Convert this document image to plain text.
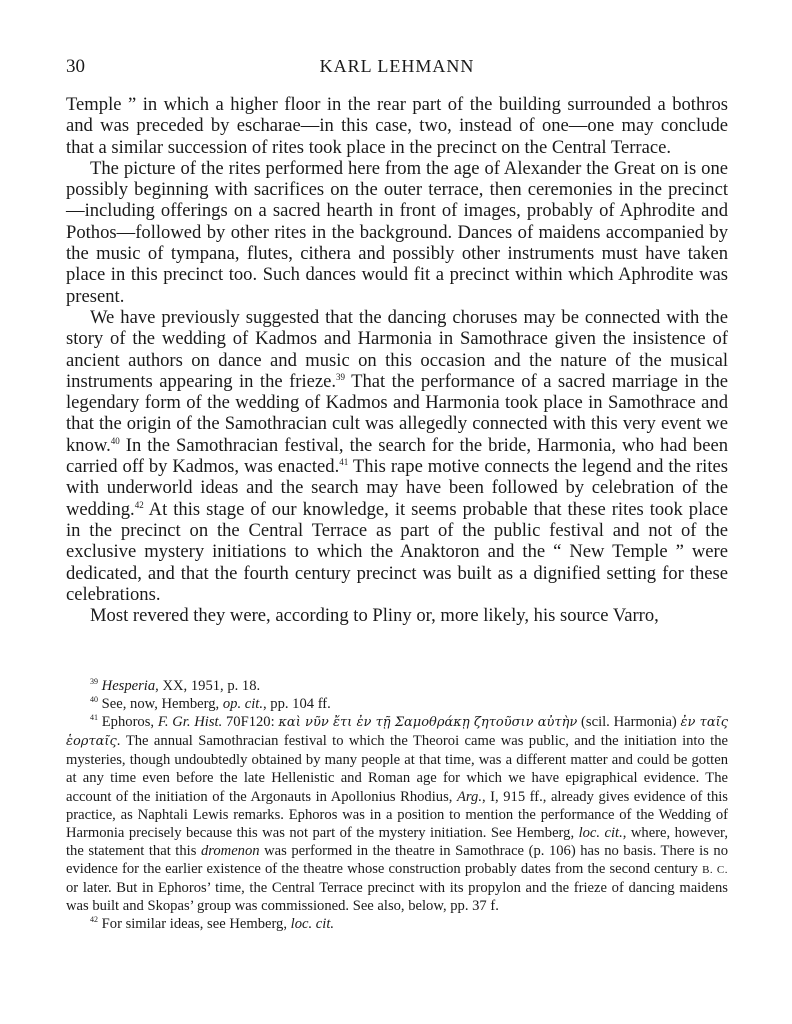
30	KARL LEHMANN

Temple ” in which a higher floor in the rear part of the building surrounded a bothros and was preceded by escharae—in this case, two, instead of one—one may conclude that a similar succession of rites took place in the precinct on the Central Terrace.

The picture of the rites performed here from the age of Alexander the Great on is one possibly beginning with sacrifices on the outer terrace, then ceremonies in the precinct—including offerings on a sacred hearth in front of images, probably of Aphrodite and Pothos—followed by other rites in the background. Dances of maidens accompanied by the music of tympana, flutes, cithera and possibly other instruments must have taken place in this precinct too. Such dances would fit a precinct within which Aphrodite was present.

We have previously suggested that the dancing choruses may be connected with the story of the wedding of Kadmos and Harmonia in Samothrace given the insistence of ancient authors on dance and music on this occasion and the nature of the musical instruments appearing in the frieze.$^{39}$ That the performance of a sacred marriage in the legendary form of the wedding of Kadmos and Harmonia took place in Samothrace and that the origin of the Samothracian cult was allegedly connected with this very event we know.$^{40}$ In the Samothracian festival, the search for the bride, Harmonia, who had been carried off by Kadmos, was enacted.$^{41}$ This rape motive connects the legend and the rites with underworld ideas and the search may have been followed by celebration of the wedding.$^{42}$ At this stage of our knowledge, it seems probable that these rites took place in the precinct on the Central Terrace as part of the public festival and not of the exclusive mystery initiations to which the Anaktoron and the “ New Temple ” were dedicated, and that the fourth century precinct was built as a dignified setting for these celebrations.

Most revered they were, according to Pliny or, more likely, his source Varro,

$^{39}$ Hesperia, XX, 1951, p. 18.

$^{40}$ See, now, Hemberg, op. cit., pp. 104 ff.

$^{41}$ Ephoros, F. Gr. Hist. 70F120: καὶ νῦν ἔτι ἐν τῇ Σαμοθράκῃ ζητοῦσιν αὐτὴν (scil. Harmonia) ἐν ταῖς ἑορταῖς. The annual Samothracian festival to which the Theoroi came was public, and the initiation into the mysteries, though undoubtedly obtained by many people at that time, was a different matter and could be gotten at any time even before the late Hellenistic and Roman age for which we have epigraphical evidence. The account of the initiation of the Argonauts in Apollonius Rhodius, Arg., I, 915 ff., already gives evidence of this practice, as Naphtali Lewis remarks. Ephoros was in a position to mention the performance of the Wedding of Harmonia precisely because this was not part of the mystery initiation. See Hemberg, loc. cit., where, however, the statement that this dromenon was performed in the theatre in Samothrace (p. 106) has no basis. There is no evidence for the earlier existence of the theatre whose construction probably dates from the second century B. C. or later. But in Ephoros’ time, the Central Terrace precinct with its propylon and the frieze of dancing maidens was built and Skopas’ group was commissioned. See also, below, pp. 37 f.

$^{42}$ For similar ideas, see Hemberg, loc. cit.
